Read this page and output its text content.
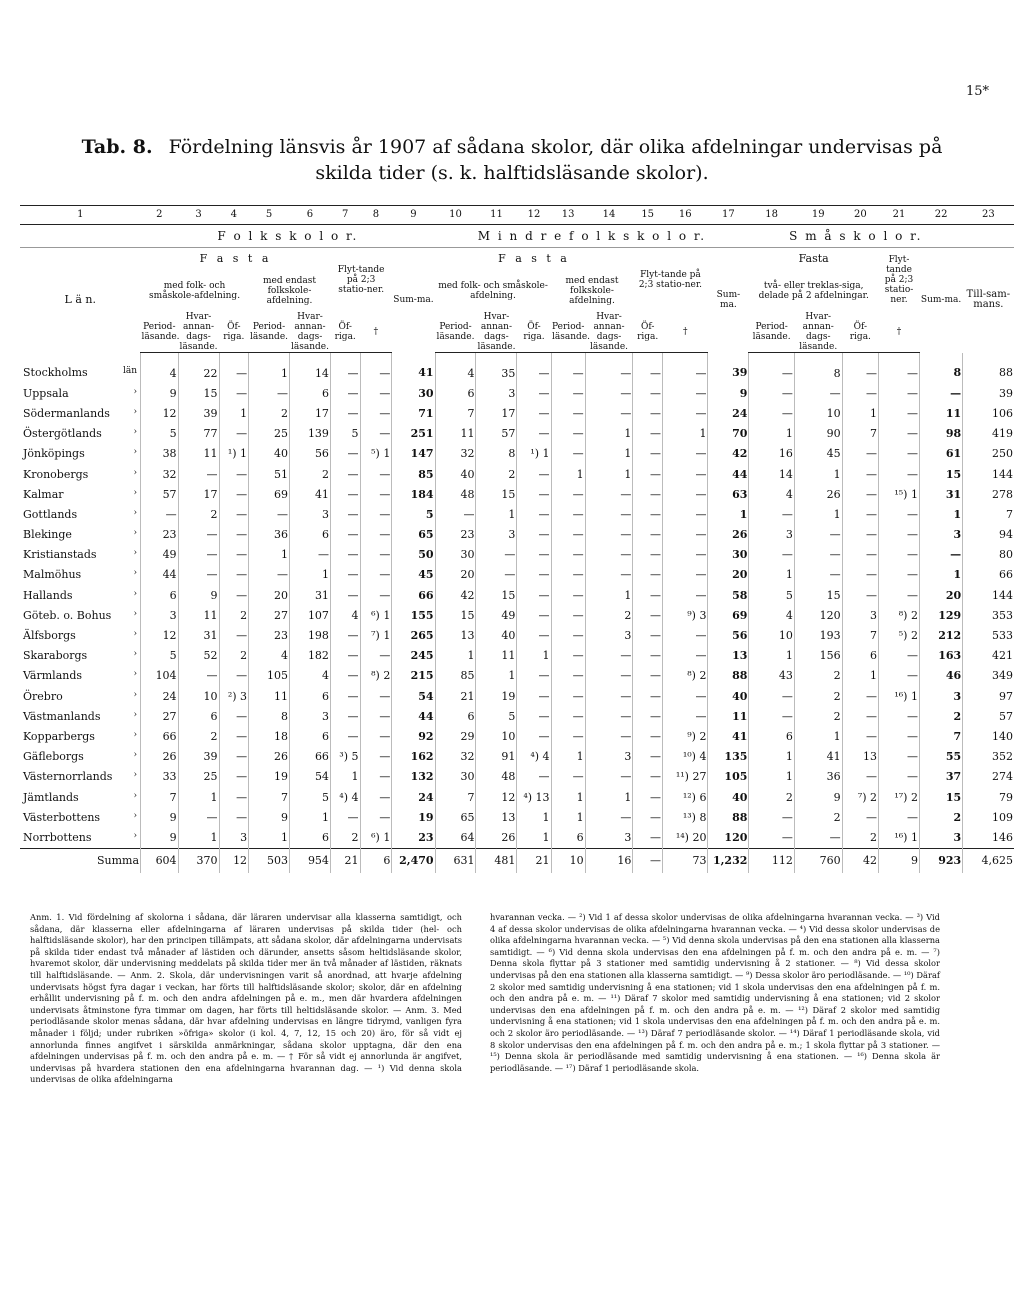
15*
Tab. 8. Fördelning länsvis år 1907 af sådana skolor, där olika afdelningar undervisas på
skilda tider (s. k. halftidsläsande skolor).
1	2	3	4	5	6	7	8	9	10	11	12	13	14	15	16	17	18	19	20	21	22	23
	F o l k s k o l o r.								M i n d r e f o l k s k o l o r.								S m å s k o l o r.					
L ä n.	F a s t a					Flyt-tande på 2;3 statio-ner.		Sum-ma.	F a s t a					Flyt-tande på 2;3 statio-ner.		Sum-ma.	Fasta			Flyt-tande på 2;3 statio-ner.	Sum-ma.	Till-sam-mans.
	med folk- och småskole-afdelning.			med endast folkskole-afdelning.					med folk- och småskole-afdelning.			med endast folkskole-afdelning.					två- eller treklas-siga, delade på 2 afdelningar.					
	Period-läsande.	Hvar-annan-dags-läsande.	Öf-riga.	Period-läsande.	Hvar-annan-dags-läsande.	Öf-riga.	†		Period-läsande.	Hvar-annan-dags-läsande.	Öf-riga.	Period-läsande.	Hvar-annan-dags-läsande.	Öf-riga.	†		Period-läsande.	Hvar-annan-dags-läsande.	Öf-riga.	†		

län
Stockholms	4	22	—	1	14	—	—	41	4	35	—	—	—	—	—	39	—	8	—	—	8	88

›
Uppsala	9	15	—	—	6	—	—	30	6	3	—	—	—	—	—	9	—	—	—	—	—	39

›
Södermanlands	12	39	1	2	17	—	—	71	7	17	—	—	—	—	—	24	—	10	1	—	11	106

›
Östergötlands	5	77	—	25	139	5	—	251	11	57	—	—	1	—	1	70	1	90	7	—	98	419

›
Jönköpings	38	11	¹) 1	40	56	—	⁵) 1	147	32	8	¹) 1	—	1	—	—	42	16	45	—	—	61	250

›
Kronobergs	32	—	—	51	2	—	—	85	40	2	—	1	1	—	—	44	14	1	—	—	15	144

›
Kalmar	57	17	—	69	41	—	—	184	48	15	—	—	—	—	—	63	4	26	—	¹⁵) 1	31	278

›
Gottlands	—	2	—	—	3	—	—	5	—	1	—	—	—	—	—	1	—	1	—	—	1	7

›
Blekinge	23	—	—	36	6	—	—	65	23	3	—	—	—	—	—	26	3	—	—	—	3	94

›
Kristianstads	49	—	—	1	—	—	—	50	30	—	—	—	—	—	—	30	—	—	—	—	—	80

›
Malmöhus	44	—	—	—	1	—	—	45	20	—	—	—	—	—	—	20	1	—	—	—	1	66

›
Hallands	6	9	—	20	31	—	—	66	42	15	—	—	1	—	—	58	5	15	—	—	20	144

›
Göteb. o. Bohus	3	11	2	27	107	4	⁶) 1	155	15	49	—	—	2	—	⁹) 3	69	4	120	3	⁸) 2	129	353

›
Älfsborgs	12	31	—	23	198	—	⁷) 1	265	13	40	—	—	3	—	—	56	10	193	7	⁵) 2	212	533

›
Skaraborgs	5	52	2	4	182	—	—	245	1	11	1	—	—	—	—	13	1	156	6	—	163	421

›
Värmlands	104	—	—	105	4	—	⁸) 2	215	85	1	—	—	—	—	⁸) 2	88	43	2	1	—	46	349

›
Örebro	24	10	²) 3	11	6	—	—	54	21	19	—	—	—	—	—	40	—	2	—	¹⁶) 1	3	97

›
Västmanlands	27	6	—	8	3	—	—	44	6	5	—	—	—	—	—	11	—	2	—	—	2	57

›
Kopparbergs	66	2	—	18	6	—	—	92	29	10	—	—	—	—	⁹) 2	41	6	1	—	—	7	140

›
Gäfleborgs	26	39	—	26	66	³) 5	—	162	32	91	⁴) 4	1	3	—	¹⁰) 4	135	1	41	13	—	55	352

›
Västernorrlands	33	25	—	19	54	1	—	132	30	48	—	—	—	—	¹¹) 27	105	1	36	—	—	37	274

›
Jämtlands	7	1	—	7	5	⁴) 4	—	24	7	12	⁴) 13	1	1	—	¹²) 6	40	2	9	⁷) 2	¹⁷) 2	15	79

›
Västerbottens	9	—	—	9	1	—	—	19	65	13	1	1	—	—	¹³) 8	88	—	2	—	—	2	109

›
Norrbottens	9	1	3	1	6	2	⁶) 1	23	64	26	1	6	3	—	¹⁴) 20	120	—	—	2	¹⁶) 1	3	146
Summa	604	370	12	503	954	21	6	2,470	631	481	21	10	16	—	73	1,232	112	760	42	9	923	4,625
Anm. 1. Vid fördelning af skolorna i sådana, där läraren undervisar alla klasserna samtidigt, och sådana, där klasserna eller afdelningarna af läraren undervisas på skilda tider (hel- och halftidsläsande skolor), har den principen tillämpats, att sådana skolor, där afdelningarna undervisats på skilda tider endast två månader af lästiden och därunder, ansetts såsom heltidsläsande skolor, hvaremot skolor, där undervisning meddelats på skilda tider mer än två månader af lästiden, räknats till halftidsläsande. — Anm. 2. Skola, där undervisningen varit så anordnad, att hvarje afdelning undervisats högst fyra dagar i veckan, har förts till halftidsläsande skolor; skolor, där en afdelning erhållit undervisning på f. m. och den andra afdelningen på e. m., men där hvardera afdelningen undervisats åtminstone fyra timmar om dagen, har förts till heltidsläsande skolor. — Anm. 3. Med periodläsande skolor menas sådana, där hvar afdelning undervisas en längre tidrymd, vanligen fyra månader i följd; under rubriken »öfriga» skolor (i kol. 4, 7, 12, 15 och 20) äro, för så vidt ej annorlunda finnes angifvet i särskilda anmärkningar, sådana skolor upptagna, där den ena afdelningen undervisas på f. m. och den andra på e. m. — † För så vidt ej annorlunda är angifvet, undervisas på hvardera stationen den ena afdelningarna hvarannan dag. — ¹) Vid denna skola undervisas de olika afdelningarna
hvarannan vecka. — ²) Vid 1 af dessa skolor undervisas de olika afdelningarna hvarannan vecka. — ³) Vid 4 af dessa skolor undervisas de olika afdelningarna hvarannan vecka. — ⁴) Vid dessa skolor undervisas de olika afdelningarna hvarannan vecka. — ⁵) Vid denna skola undervisas på den ena stationen alla klasserna samtidigt. — ⁶) Vid denna skola undervisas den ena afdelningen på f. m. och den andra på e. m. — ⁷) Denna skola flyttar på 3 stationer med samtidig undervisning å 2 stationer. — ⁸) Vid dessa skolor undervisas på den ena stationen alla klasserna samtidigt. — ⁹) Dessa skolor äro periodläsande. — ¹⁰) Däraf 2 skolor med samtidig undervisning å ena stationen; vid 1 skola undervisas den ena afdelningen på f. m. och den andra på e. m. — ¹¹) Däraf 7 skolor med samtidig undervisning å ena stationen; vid 2 skolor undervisas den ena afdelningen på f. m. och den andra på e. m. — ¹²) Däraf 2 skolor med samtidig undervisning å ena stationen; vid 1 skola undervisas den ena afdelningen på f. m. och den andra på e. m. och 2 skolor äro periodläsande. — ¹³) Däraf 7 periodläsande skolor. — ¹⁴) Däraf 1 periodläsande skola, vid 8 skolor undervisas den ena afdelningen på f. m. och den andra på e. m.; 1 skola flyttar på 3 stationer. — ¹⁵) Denna skola är periodläsande med samtidig undervisning å ena stationen. — ¹⁶) Denna skola är periodläsande. — ¹⁷) Däraf 1 periodläsande skola.
